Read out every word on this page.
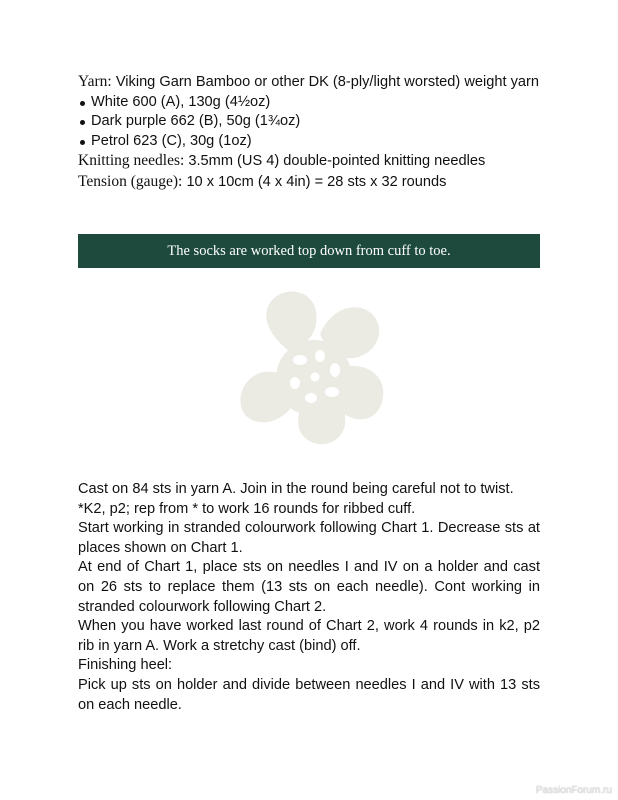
Yarn: Viking Garn Bamboo or other DK (8-ply/light worsted) weight yarn
White 600 (A), 130g (4½oz)
Dark purple 662 (B), 50g (1¾oz)
Petrol 623 (C), 30g (1oz)
Knitting needles: 3.5mm (US 4) double-pointed knitting needles
Tension (gauge): 10 x 10cm (4 x 4in) = 28 sts x 32 rounds
The socks are worked top down from cuff to toe.

Cast on 84 sts in yarn A. Join in the round being careful not to twist.

*K2, p2; rep from * to work 16 rounds for ribbed cuff.

Start working in stranded colourwork following Chart 1. Decrease sts at places shown on Chart 1.

At end of Chart 1, place sts on needles I and IV on a holder and cast on 26 sts to replace them (13 sts on each needle). Cont working in stranded colourwork following Chart 2.

When you have worked last round of Chart 2, work 4 rounds in k2, p2 rib in yarn A. Work a stretchy cast (bind) off.

Finishing heel:

Pick up sts on holder and divide between needles I and IV with 13 sts on each needle.

PassionForum.ru
